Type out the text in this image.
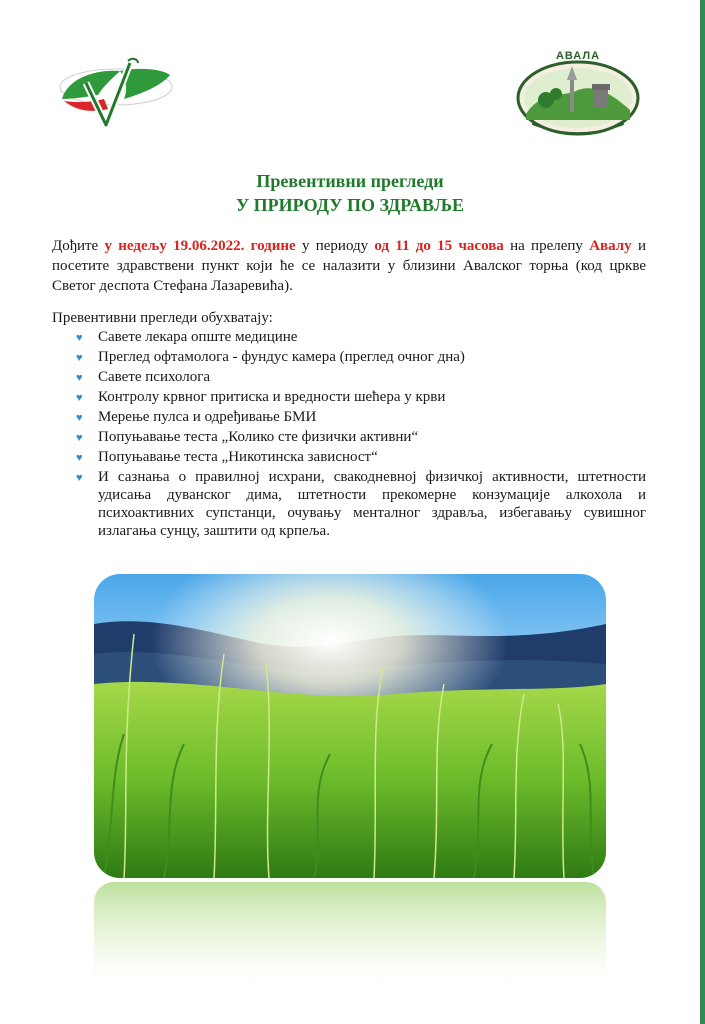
АВАЛА
Превентивни прегледи
У ПРИРОДУ ПО ЗДРАВЉЕ
Дођите у недељу 19.06.2022. године у периоду од 11 до 15 часова на прелепу Авалу и посетите здравствени пункт који ће се налазити у близини Авалског торња (код цркве Светог деспота Стефана Лазаревића).
Превентивни прегледи обухватају:
♥ Савете лекара опште медицине
♥ Преглед офтамолога - фундус камера (преглед очног дна)
♥ Савете психолога
♥ Контролу крвног притиска и вредности шећера у крви
♥ Мерење пулса и одређивање БМИ
♥ Попуњавање теста „Колико сте физички активни“
♥ Попуњавање теста „Никотинска зависност“
♥ И сазнања о правилној исхрани, свакодневној физичкој активности, штетности удисања дуванског дима, штетности прекомерне конзумације алкохола и психоактивних супстанци, очувању менталног здравља, избегавању сувишног излагања сунцу, заштити од крпеља.
